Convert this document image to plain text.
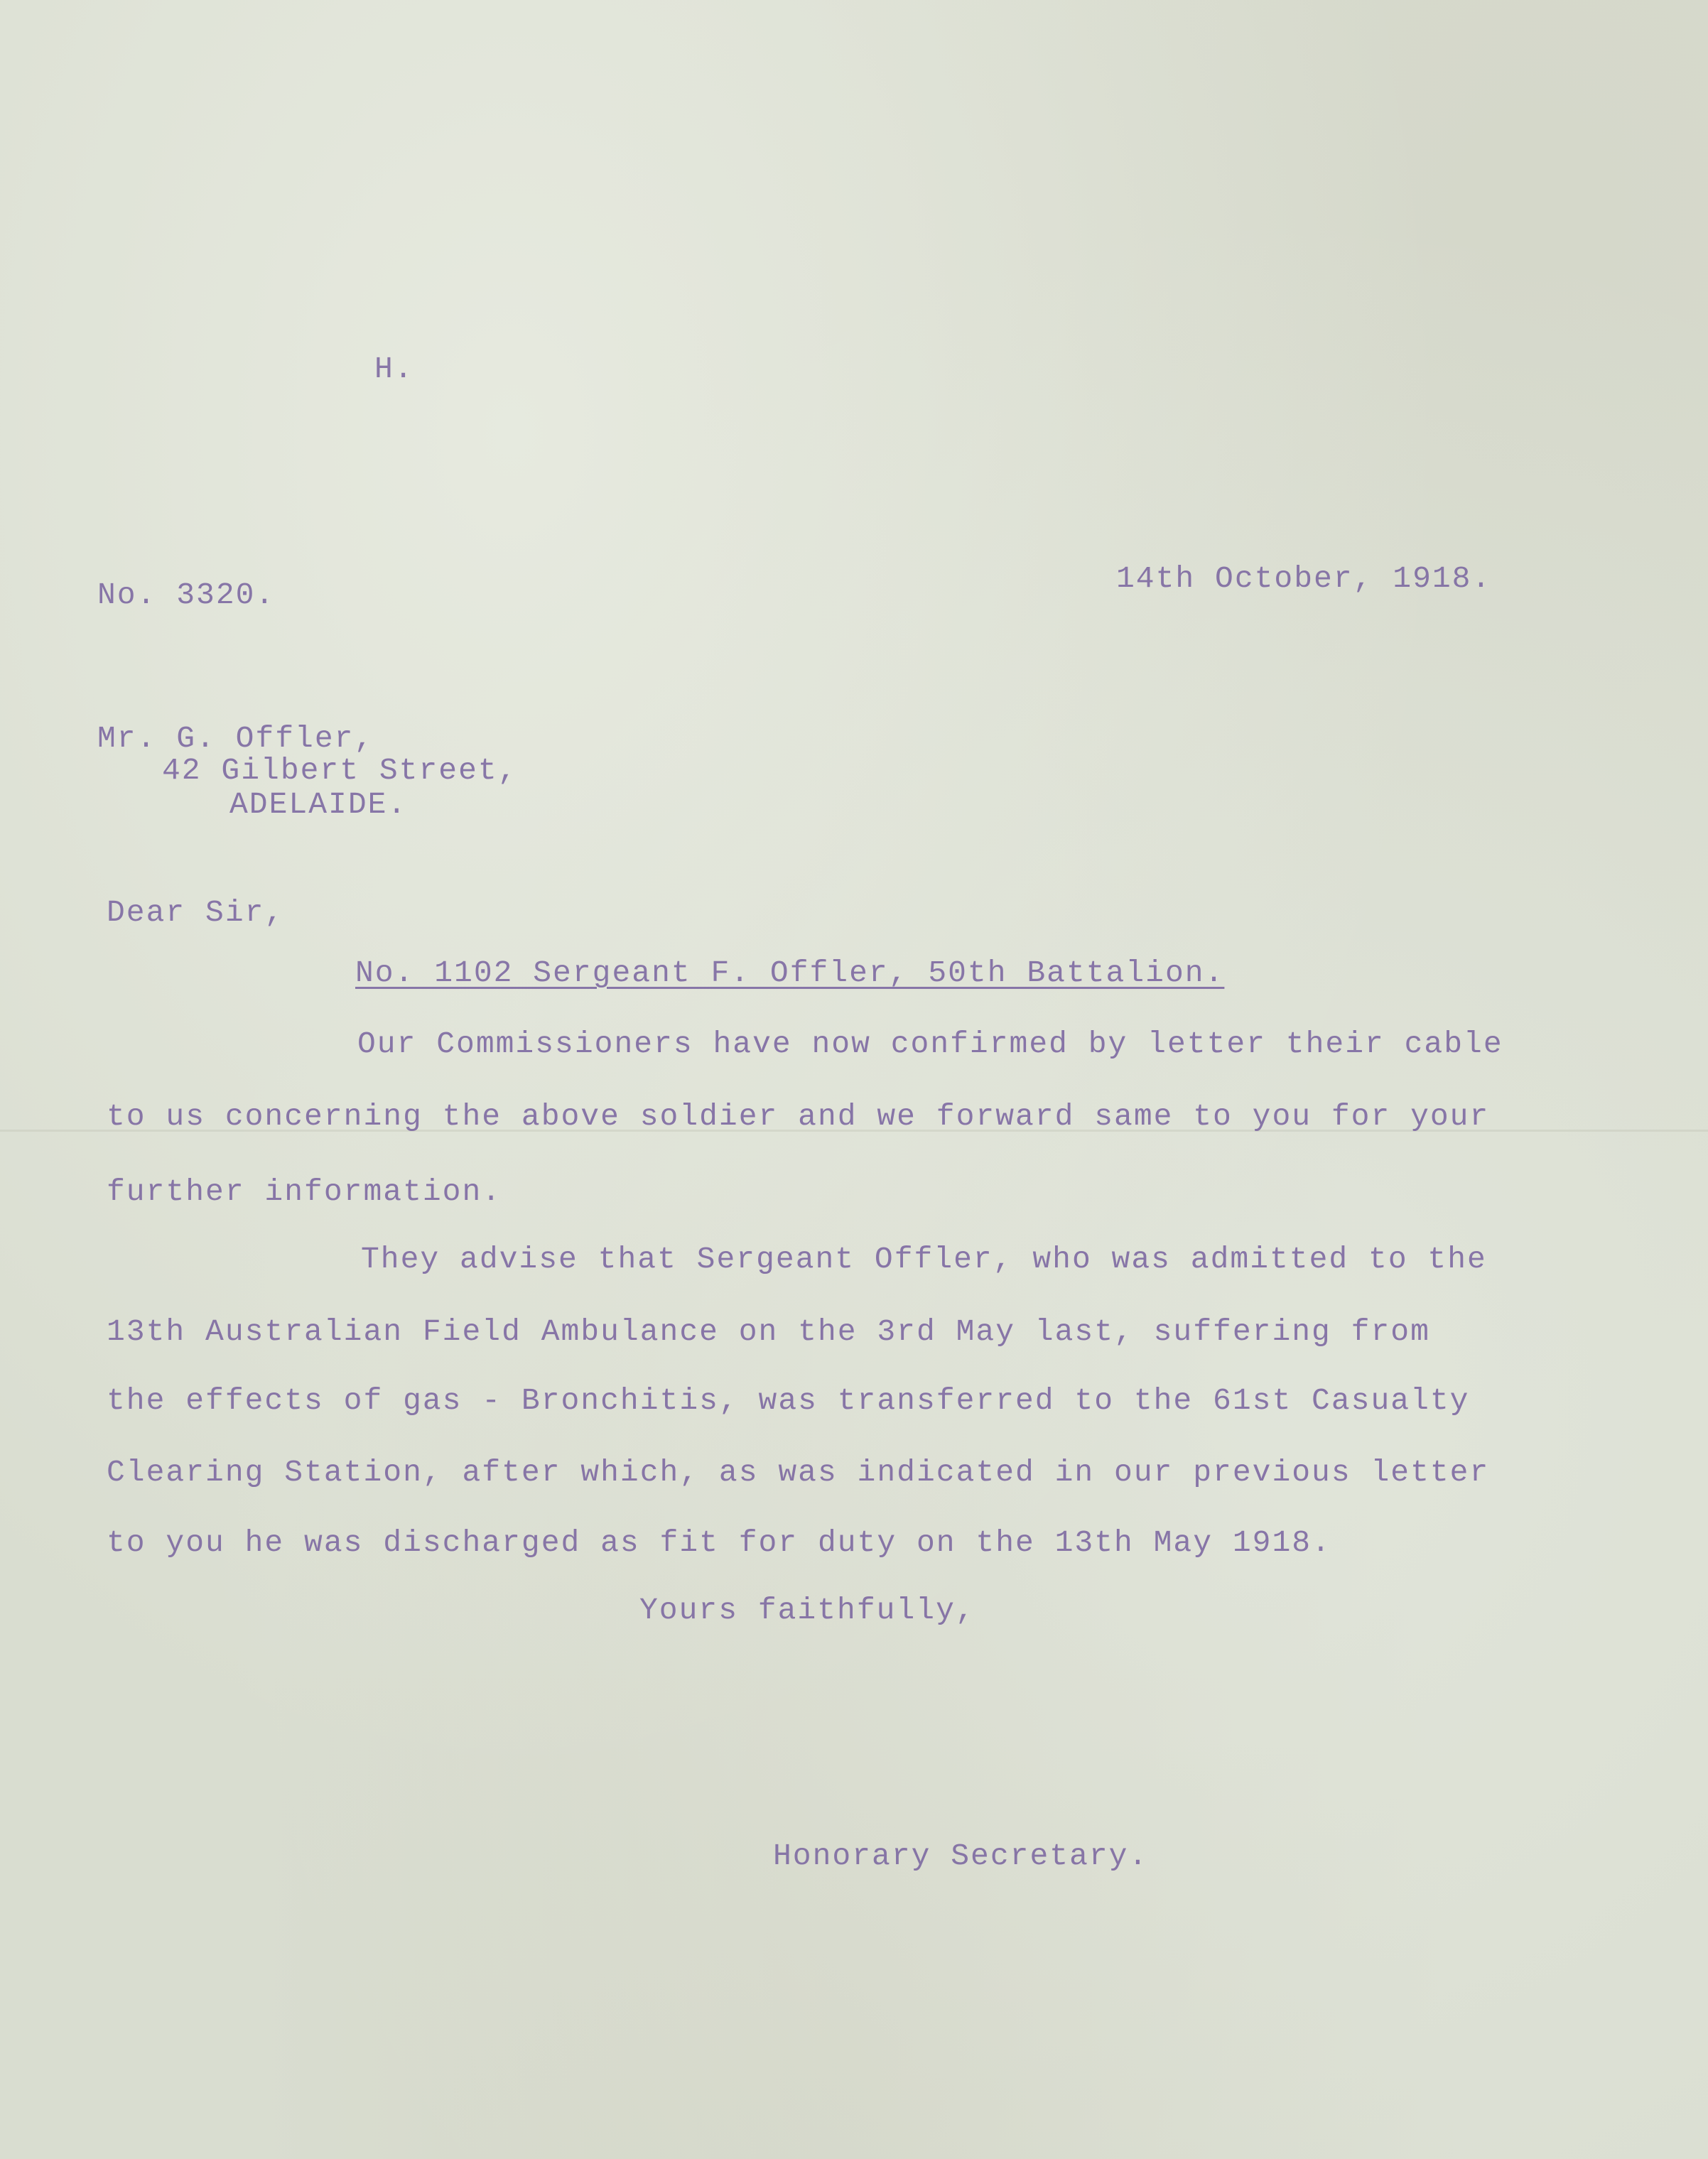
H.
No. 3320.	14th October, 1918.
Mr. G. Offler,
42 Gilbert Street,
ADELAIDE.
Dear Sir,
No. 1102 Sergeant F. Offler, 50th Battalion.
Our Commissioners have now confirmed by letter their cable
to us concerning the above soldier and we forward same to you for your
further information.
They advise that Sergeant Offler, who was admitted to the
13th Australian Field Ambulance on the 3rd May last, suffering from
the effects of gas - Bronchitis, was transferred to the 61st Casualty
Clearing Station, after which, as was indicated in our previous letter
to you he was discharged as fit for duty on the 13th May 1918.
Yours faithfully,
Honorary Secretary.
